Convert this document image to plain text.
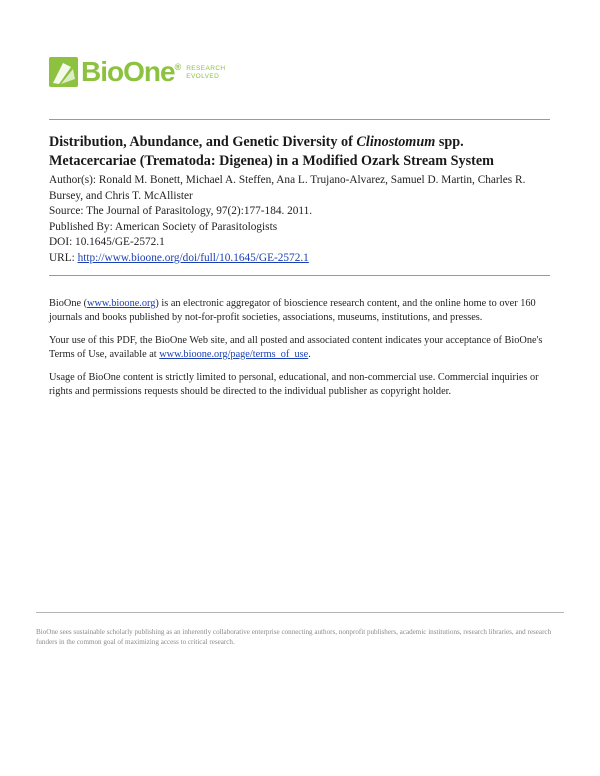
BioOne ® RESEARCH
EVOLVED
Distribution, Abundance, and Genetic Diversity of Clinostomum spp. Metacercariae (Trematoda: Digenea) in a Modified Ozark Stream System

Author(s): Ronald M. Bonett, Michael A. Steffen, Ana L. Trujano-Alvarez, Samuel D. Martin, Charles R.

Bursey, and Chris T. McAllister

Source: The Journal of Parasitology, 97(2):177-184. 2011.

Published By: American Society of Parasitologists

DOI: 10.1645/GE-2572.1

URL: http://www.bioone.org/doi/full/10.1645/GE-2572.1

BioOne (www.bioone.org) is an electronic aggregator of bioscience research content, and the online home to over 160 journals and books published by not-for-profit societies, associations, museums, institutions, and presses.

Your use of this PDF, the BioOne Web site, and all posted and associated content indicates your acceptance of BioOne's Terms of Use, available at www.bioone.org/page/terms_of_use.

Usage of BioOne content is strictly limited to personal, educational, and non-commercial use. Commercial inquiries or rights and permissions requests should be directed to the individual publisher as copyright holder.

BioOne sees sustainable scholarly publishing as an inherently collaborative enterprise connecting authors, nonprofit publishers, academic institutions, research libraries, and research funders in the common goal of maximizing access to critical research.
